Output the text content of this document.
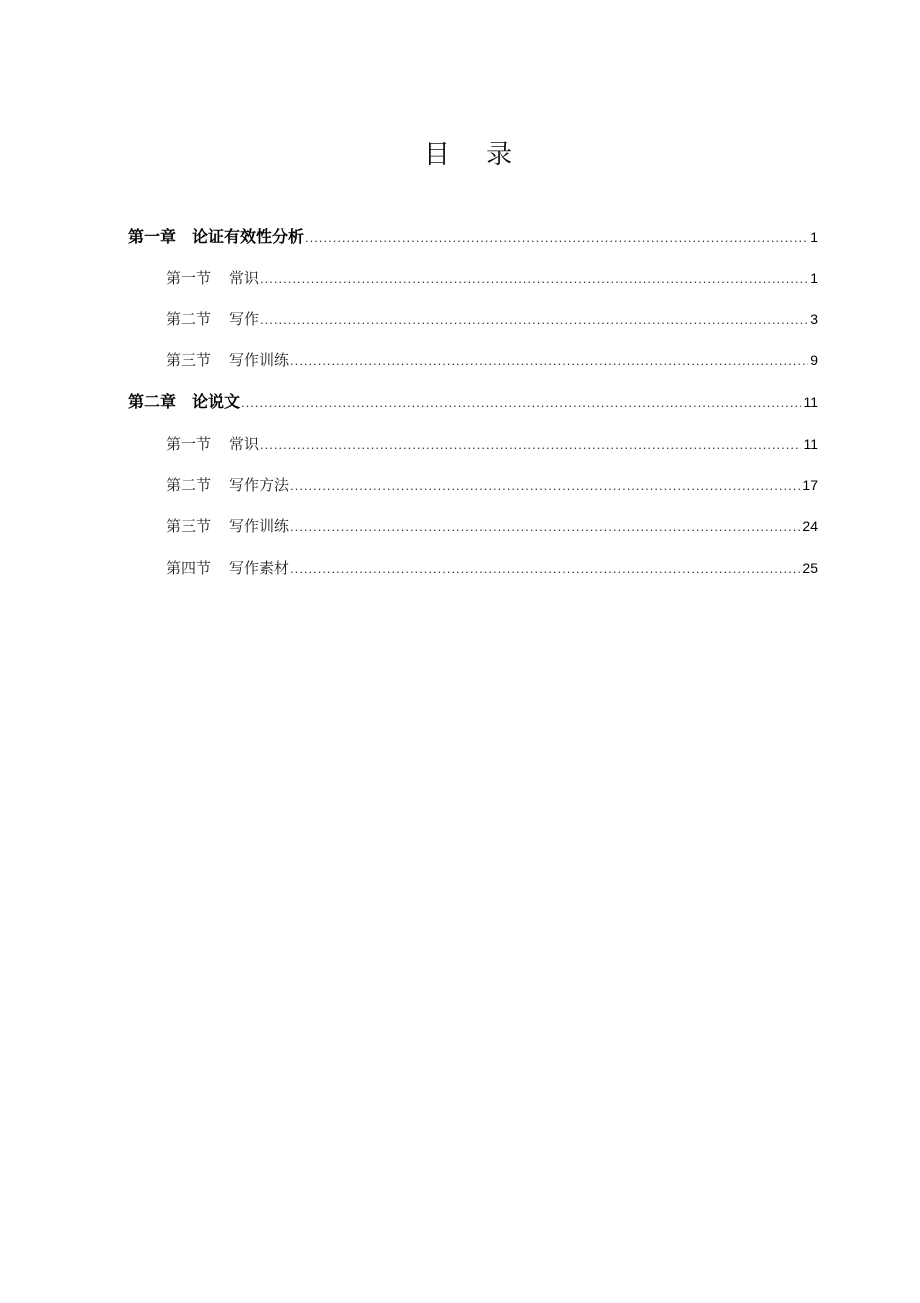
目 录
第一章 论证有效性分析 .....	1
第一节 常识 .....	1
第二节 写作 .....	3
第三节 写作训练 .....	9
第二章 论说文 .....	11
第一节 常识 .....	11
第二节 写作方法 .....	17
第三节 写作训练 .....	24
第四节 写作素材 .....	25
